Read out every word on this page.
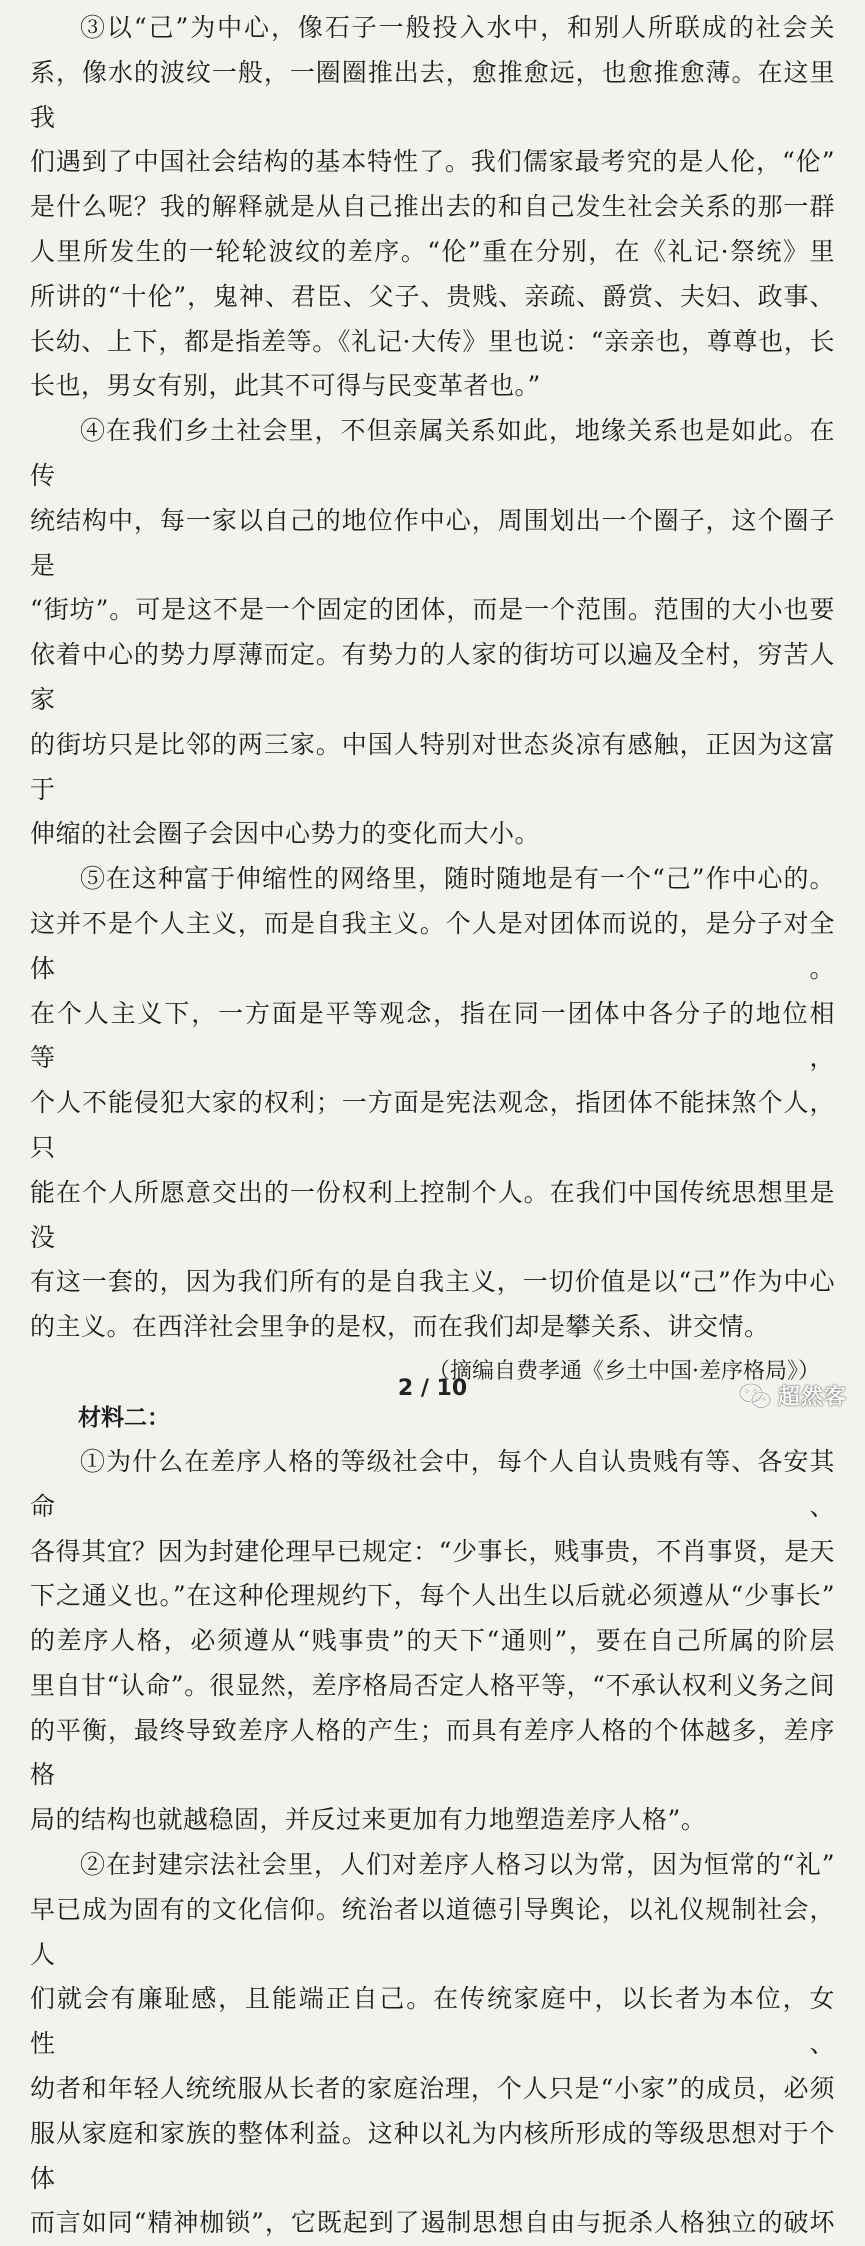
③以“己”为中心，像石子一般投入水中，和别人所联成的社会关

系，像水的波纹一般，一圈圈推出去，愈推愈远，也愈推愈薄。在这里我

们遇到了中国社会结构的基本特性了。我们儒家最考究的是人伦，“伦”

是什么呢？我的解释就是从自己推出去的和自己发生社会关系的那一群

人里所发生的一轮轮波纹的差序。“伦”重在分别，在《礼记·祭统》里

所讲的“十伦”，鬼神、君臣、父子、贵贱、亲疏、爵赏、夫妇、政事、

长幼、上下，都是指差等。《礼记·大传》里也说：“亲亲也，尊尊也，长

长也，男女有别，此其不可得与民变革者也。”

④在我们乡土社会里，不但亲属关系如此，地缘关系也是如此。在传

统结构中，每一家以自己的地位作中心，周围划出一个圈子，这个圈子是

“街坊”。可是这不是一个固定的团体，而是一个范围。范围的大小也要

依着中心的势力厚薄而定。有势力的人家的街坊可以遍及全村，穷苦人家

的街坊只是比邻的两三家。中国人特别对世态炎凉有感触，正因为这富于

伸缩的社会圈子会因中心势力的变化而大小。

⑤在这种富于伸缩性的网络里，随时随地是有一个“己”作中心的。

这并不是个人主义，而是自我主义。个人是对团体而说的，是分子对全体。

在个人主义下，一方面是平等观念，指在同一团体中各分子的地位相等，

个人不能侵犯大家的权利；一方面是宪法观念，指团体不能抹煞个人，只

能在个人所愿意交出的一份权利上控制个人。在我们中国传统思想里是没

有这一套的，因为我们所有的是自我主义，一切价值是以“己”作为中心

的主义。在西洋社会里争的是权，而在我们却是攀关系、讲交情。

（摘编自费孝通《乡土中国·差序格局》）

材料二：

①为什么在差序人格的等级社会中，每个人自认贵贱有等、各安其命、

各得其宜？因为封建伦理早已规定：“少事长，贱事贵，不肖事贤，是天

下之通义也。”在这种伦理规约下，每个人出生以后就必须遵从“少事长”

的差序人格，必须遵从“贱事贵”的天下“通则”，要在自己所属的阶层

里自甘“认命”。很显然，差序格局否定人格平等，“不承认权利义务之间

的平衡，最终导致差序人格的产生；而具有差序人格的个体越多，差序格

局的结构也就越稳固，并反过来更加有力地塑造差序人格”。

②在封建宗法社会里，人们对差序人格习以为常，因为恒常的“礼”

早已成为固有的文化信仰。统治者以道德引导舆论，以礼仪规制社会，人

们就会有廉耻感，且能端正自己。在传统家庭中，以长者为本位，女性、

幼者和年轻人统统服从长者的家庭治理，个人只是“小家”的成员，必须

服从家庭和家族的整体利益。这种以礼为内核所形成的等级思想对于个体

而言如同“精神枷锁”，它既起到了遏制思想自由与扼杀人格独立的破坏

2 / 10	超然客
